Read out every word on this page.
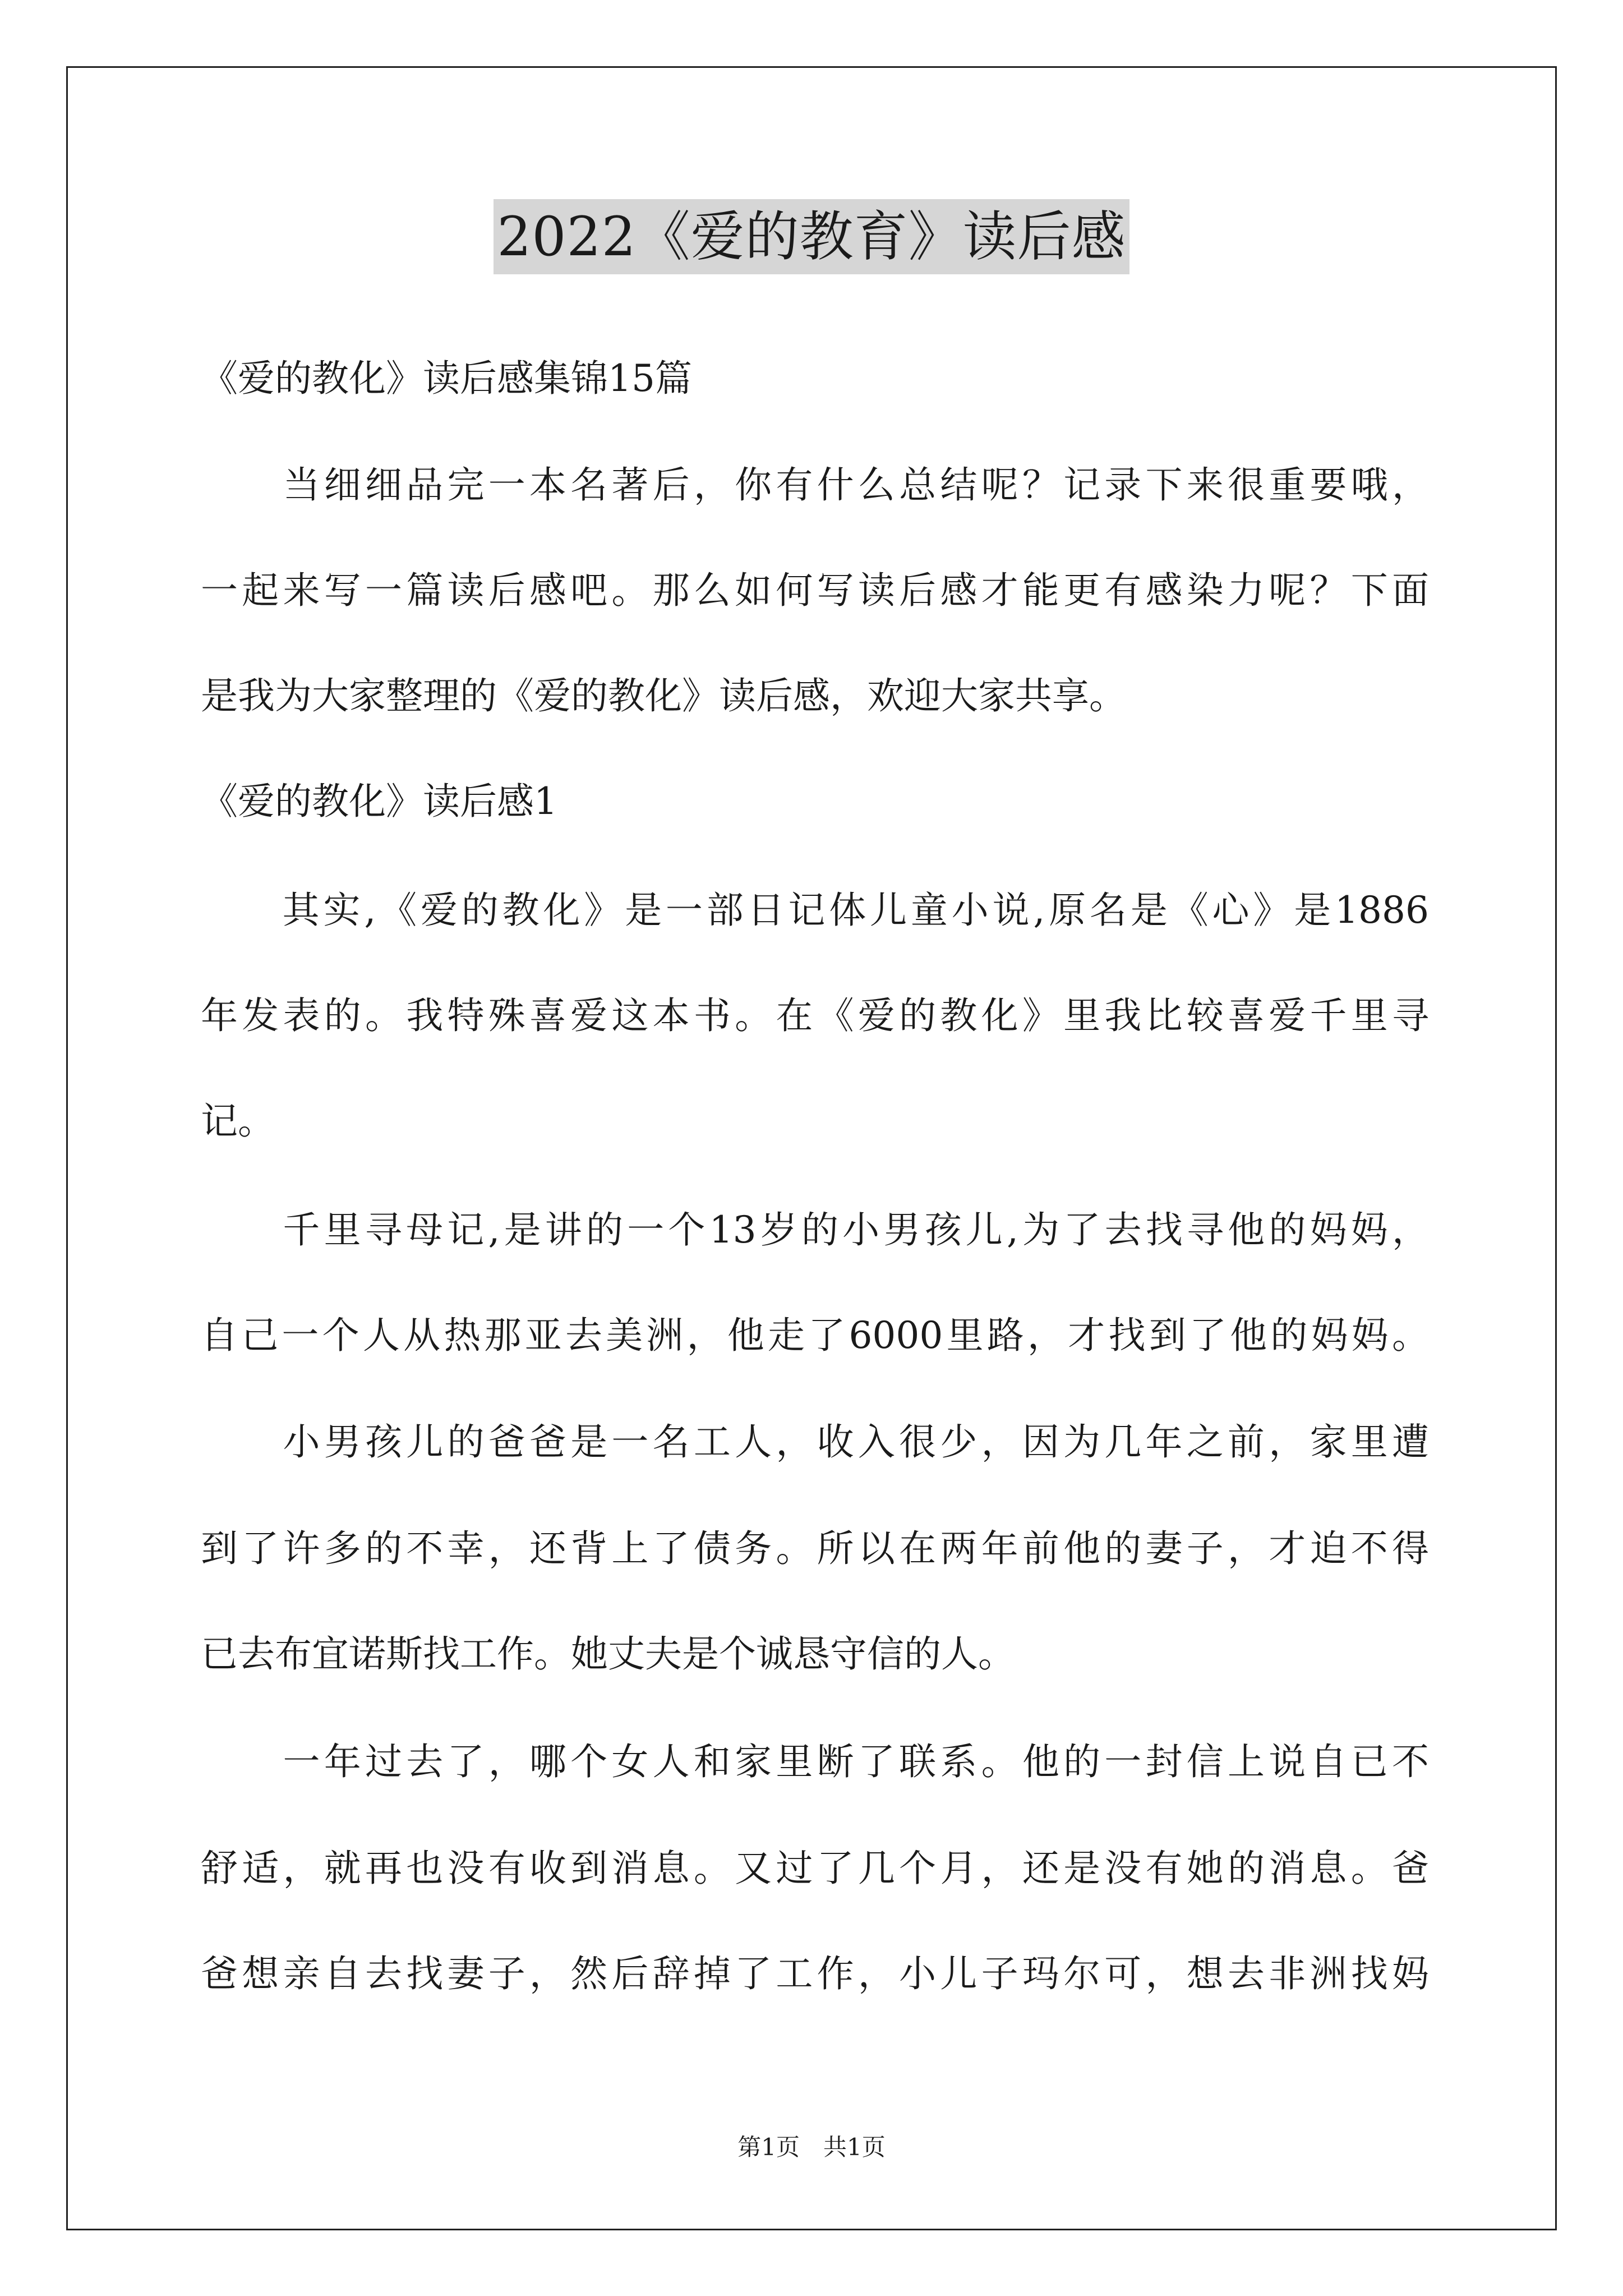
2022《爱的教育》读后感
《爱的教化》读后感集锦15篇
　　当细细品完一本名著后，你有什么总结呢？记录下来很重要哦，
一起来写一篇读后感吧。那么如何写读后感才能更有感染力呢？下面
是我为大家整理的《爱的教化》读后感，欢迎大家共享。
《爱的教化》读后感1
　　其实,《爱的教化》是一部日记体儿童小说,原名是《心》是1886
年发表的。我特殊喜爱这本书。在《爱的教化》里我比较喜爱千里寻
记。
　　千里寻母记,是讲的一个13岁的小男孩儿,为了去找寻他的妈妈，
自己一个人从热那亚去美洲，他走了6000里路，才找到了他的妈妈。
　　小男孩儿的爸爸是一名工人，收入很少，因为几年之前，家里遭
到了许多的不幸，还背上了债务。所以在两年前他的妻子，才迫不得
已去布宜诺斯找工作。她丈夫是个诚恳守信的人。
　　一年过去了，哪个女人和家里断了联系。他的一封信上说自已不
舒适，就再也没有收到消息。又过了几个月，还是没有她的消息。爸
爸想亲自去找妻子，然后辞掉了工作，小儿子玛尔可，想去非洲找妈
第1页　共1页
